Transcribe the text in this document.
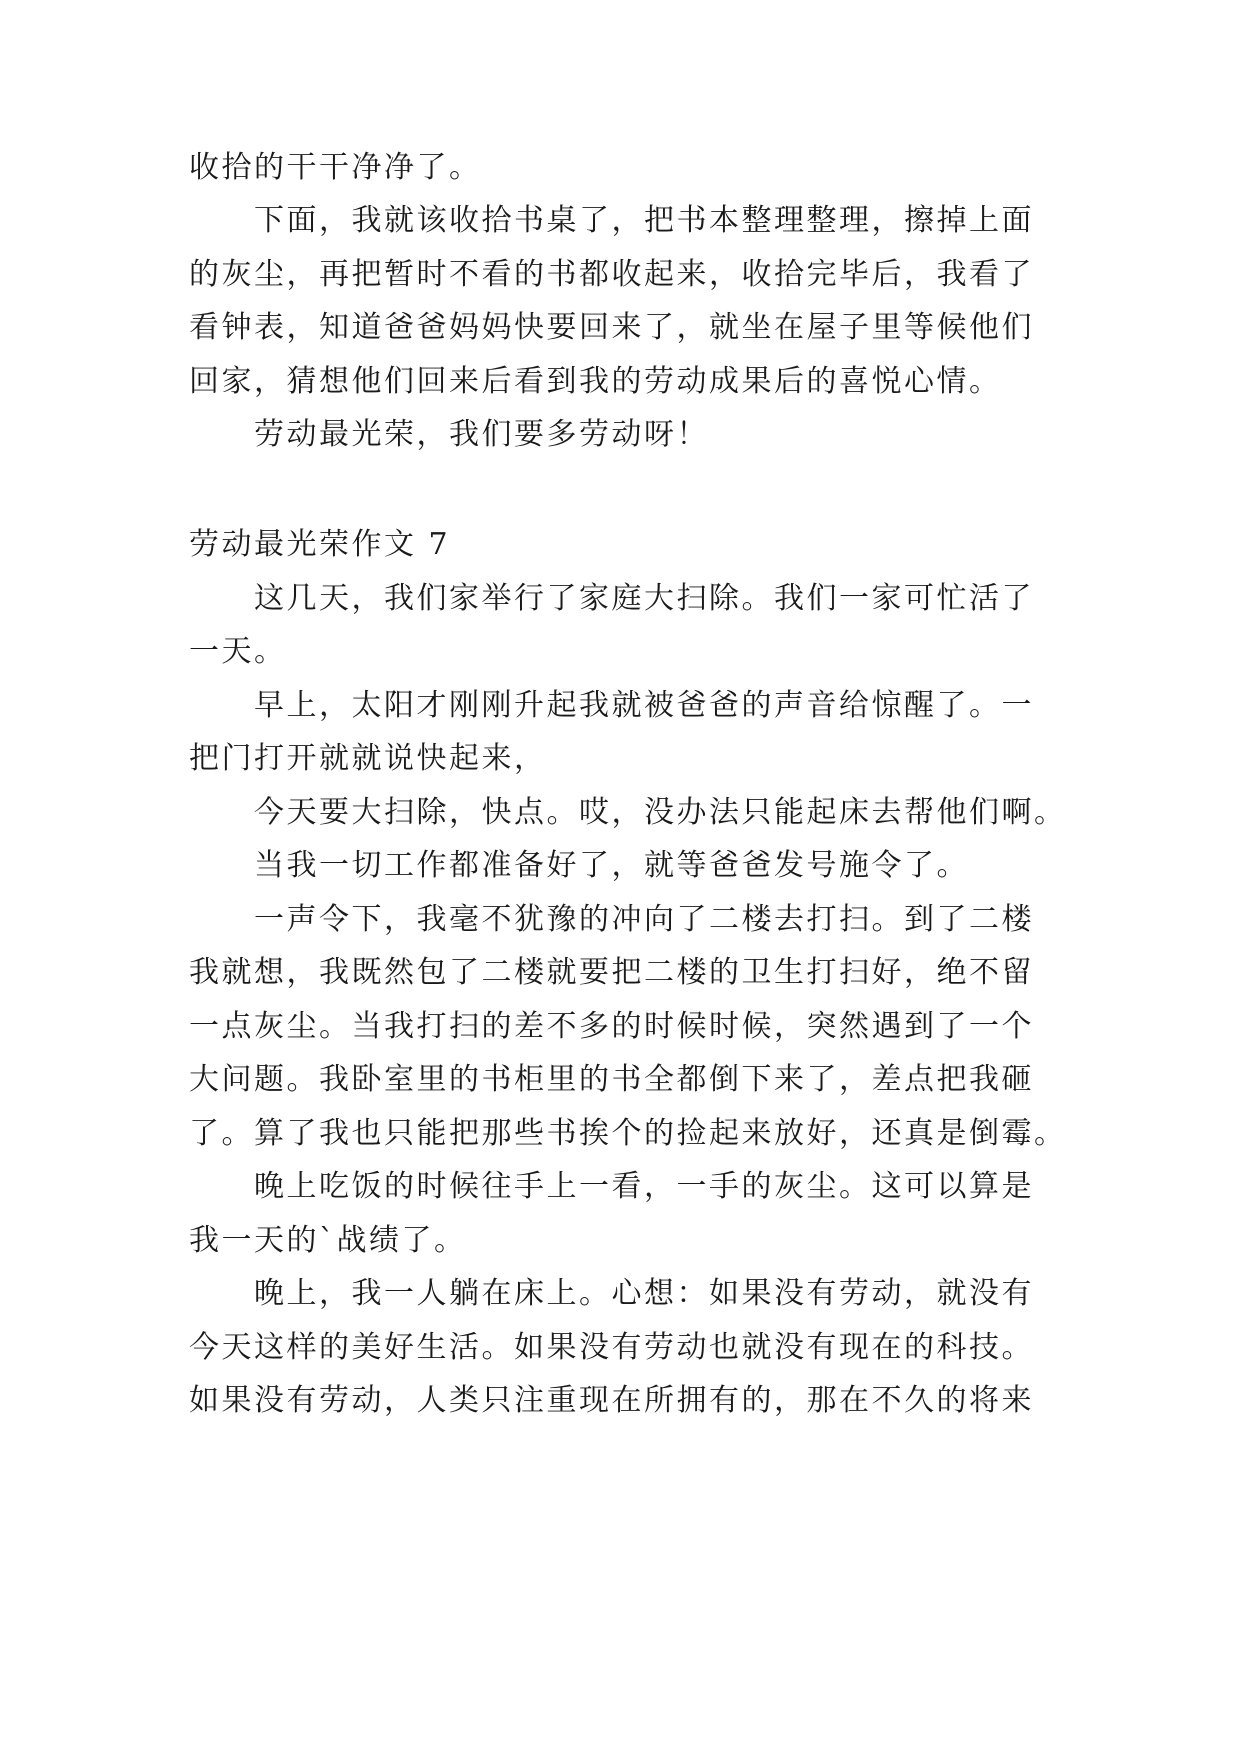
收拾的干干净净了。
下面，我就该收拾书桌了，把书本整理整理，擦掉上面
的灰尘，再把暂时不看的书都收起来，收拾完毕后，我看了
看钟表，知道爸爸妈妈快要回来了，就坐在屋子里等候他们
回家，猜想他们回来后看到我的劳动成果后的喜悦心情。
劳动最光荣，我们要多劳动呀！
劳动最光荣作文 7
这几天，我们家举行了家庭大扫除。我们一家可忙活了
一天。
早上，太阳才刚刚升起我就被爸爸的声音给惊醒了。一
把门打开就就说快起来，
今天要大扫除，快点。哎，没办法只能起床去帮他们啊。
当我一切工作都准备好了，就等爸爸发号施令了。
一声令下，我毫不犹豫的冲向了二楼去打扫。到了二楼
我就想，我既然包了二楼就要把二楼的卫生打扫好，绝不留
一点灰尘。当我打扫的差不多的时候时候，突然遇到了一个
大问题。我卧室里的书柜里的书全都倒下来了，差点把我砸
了。算了我也只能把那些书挨个的捡起来放好，还真是倒霉。
晚上吃饭的时候往手上一看，一手的灰尘。这可以算是
我一天的`战绩了。
晚上，我一人躺在床上。心想：如果没有劳动，就没有
今天这样的美好生活。如果没有劳动也就没有现在的科技。
如果没有劳动，人类只注重现在所拥有的，那在不久的将来
